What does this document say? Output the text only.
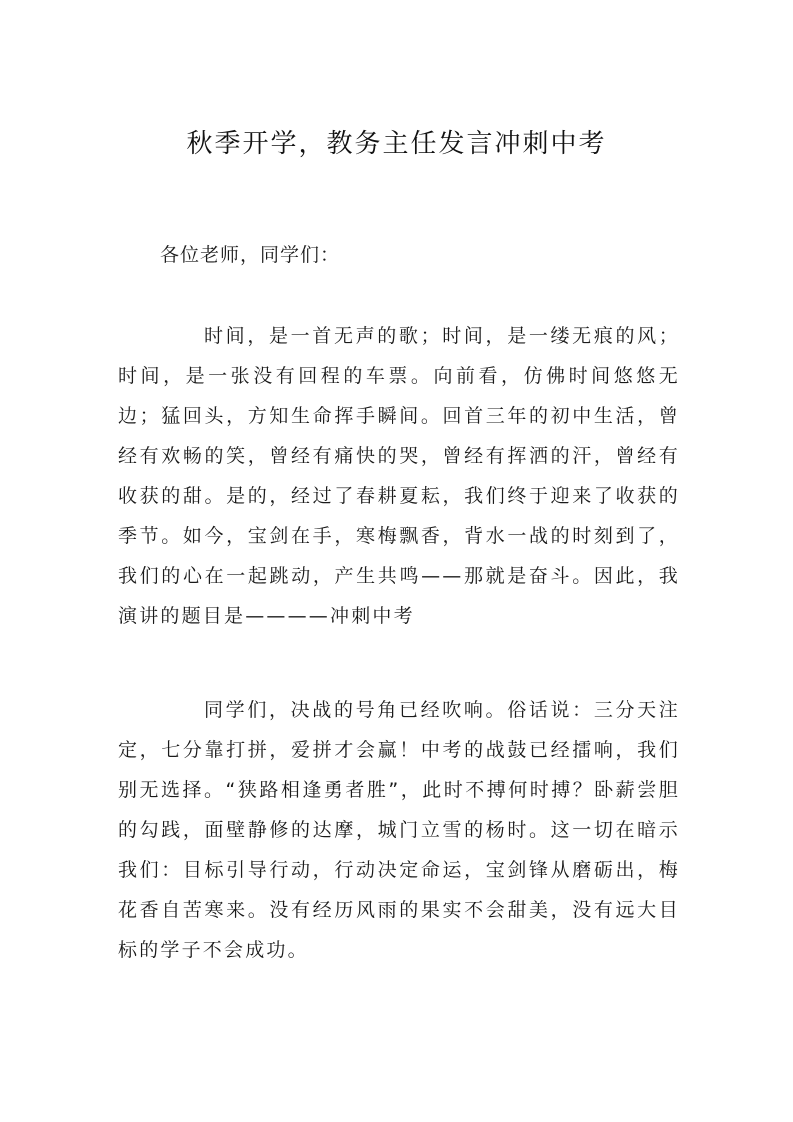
秋季开学，教务主任发言冲刺中考

各位老师，同学们：

时间，是一首无声的歌；时间，是一缕无痕的风；时间，是一张没有回程的车票。向前看，仿佛时间悠悠无边；猛回头，方知生命挥手瞬间。回首三年的初中生活，曾经有欢畅的笑，曾经有痛快的哭，曾经有挥洒的汗，曾经有收获的甜。是的，经过了春耕夏耘，我们终于迎来了收获的季节。如今，宝剑在手，寒梅飘香，背水一战的时刻到了，我们的心在一起跳动，产生共鸣——那就是奋斗。因此，我演讲的题目是————冲刺中考

同学们，决战的号角已经吹响。俗话说：三分天注定，七分靠打拼，爱拼才会赢！中考的战鼓已经擂响，我们别无选择。“狭路相逢勇者胜”，此时不搏何时搏？卧薪尝胆的勾践，面壁静修的达摩，城门立雪的杨时。这一切在暗示我们：目标引导行动，行动决定命运，宝剑锋从磨砺出，梅花香自苦寒来。没有经历风雨的果实不会甜美，没有远大目标的学子不会成功。
